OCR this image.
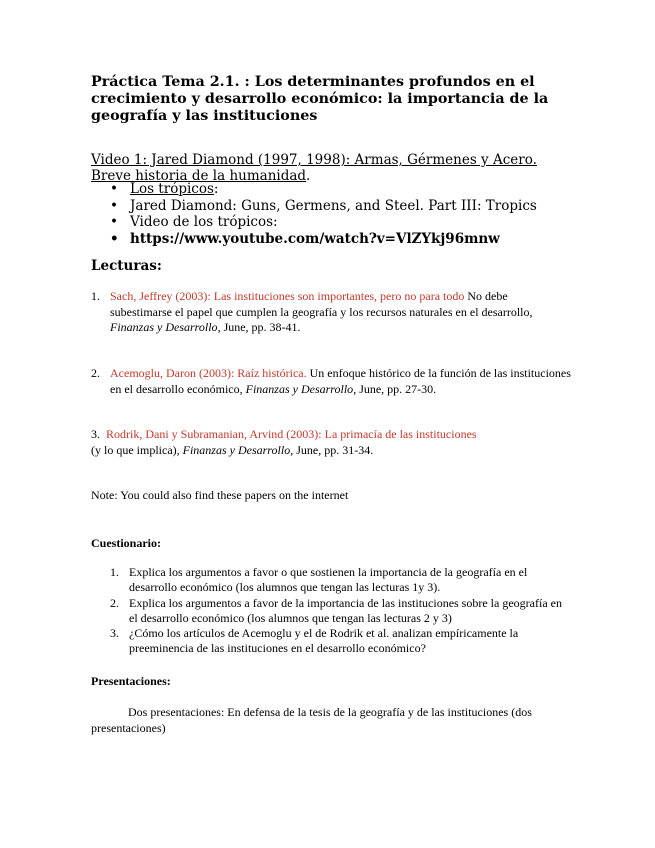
Práctica Tema 2.1. : Los determinantes profundos en el crecimiento y desarrollo económico: la importancia de la geografía y las instituciones
Video 1: Jared Diamond (1997, 1998): Armas, Gérmenes y Acero. Breve historia de la humanidad.
• Los trópicos:
• Jared Diamond: Guns, Germens, and Steel. Part III: Tropics
• Video de los trópicos:
• https://www.youtube.com/watch?v=VlZYkj96mnw
Lecturas:
1. Sach, Jeffrey (2003): Las instituciones son importantes, pero no para todo No debe subestimarse el papel que cumplen la geografía y los recursos naturales en el desarrollo, Finanzas y Desarrollo, June, pp. 38-41.
2. Acemoglu, Daron (2003): Raíz histórica. Un enfoque histórico de la función de las instituciones en el desarrollo económico, Finanzas y Desarrollo, June, pp. 27-30.
3. Rodrik, Dani y Subramanian, Arvind (2003): La primacía de las instituciones
(y lo que implica), Finanzas y Desarrollo, June, pp. 31-34.
Note: You could also find these papers on the internet
Cuestionario:
1. Explica los argumentos a favor o que sostienen la importancia de la geografía en el desarrollo económico (los alumnos que tengan las lecturas 1y 3).
2. Explica los argumentos a favor de la importancia de las instituciones sobre la geografía en el desarrollo económico (los alumnos que tengan las lecturas 2 y 3)
3. ¿Cómo los artículos de Acemoglu y el de Rodrik et al. analizan empíricamente la preeminencia de las instituciones en el desarrollo económico?
Presentaciones:
Dos presentaciones: En defensa de la tesis de la geografía y de las instituciones (dos presentaciones)
